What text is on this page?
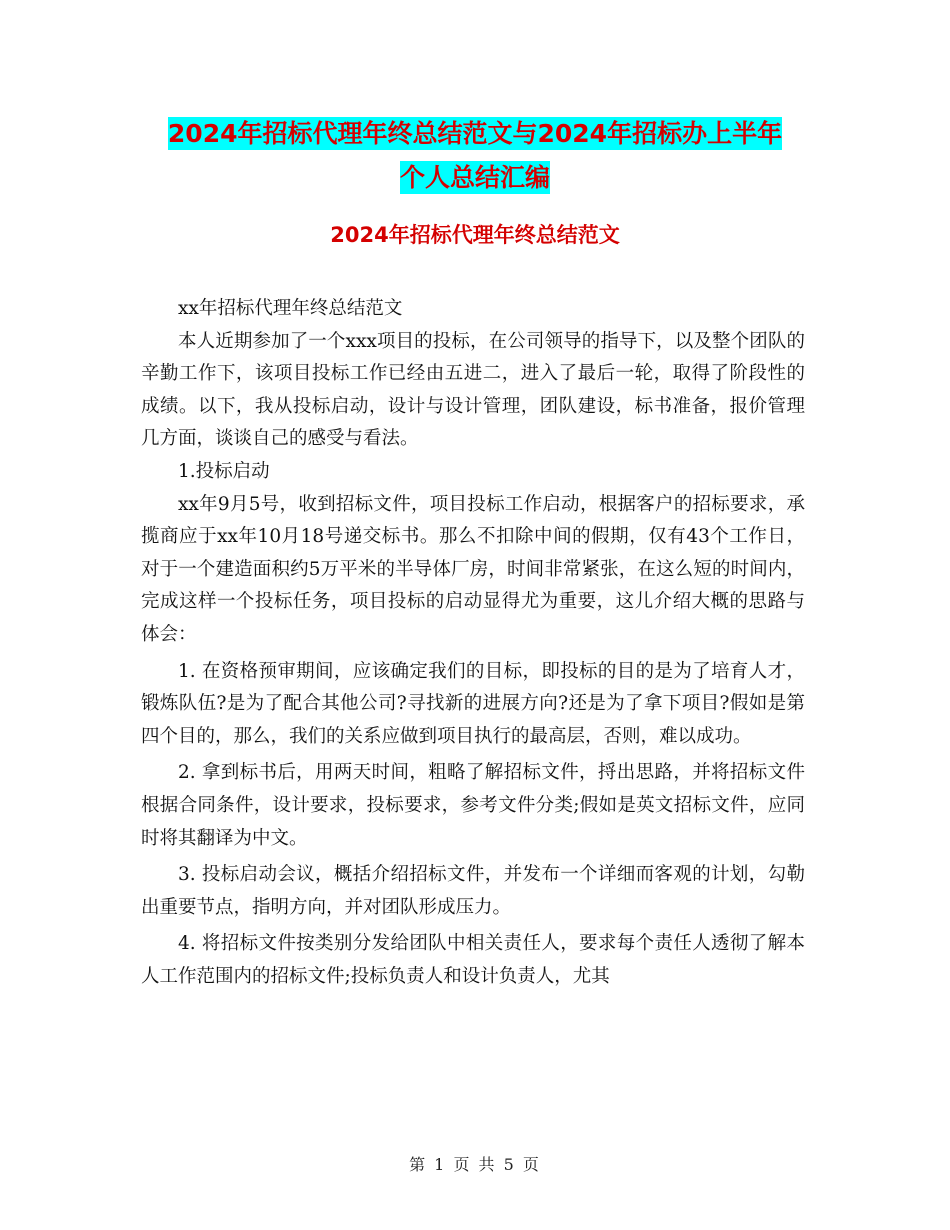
2024年招标代理年终总结范文与2024年招标办上半年
个人总结汇编
2024年招标代理年终总结范文

xx年招标代理年终总结范文

本人近期参加了一个xxx项目的投标，在公司领导的指导下，以及整个团队的辛勤工作下，该项目投标工作已经由五进二，进入了最后一轮，取得了阶段性的成绩。以下，我从投标启动，设计与设计管理，团队建设，标书准备，报价管理几方面，谈谈自己的感受与看法。

1.投标启动

xx年9月5号，收到招标文件，项目投标工作启动，根据客户的招标要求，承揽商应于xx年10月18号递交标书。那么不扣除中间的假期，仅有43个工作日，对于一个建造面积约5万平米的半导体厂房，时间非常紧张，在这么短的时间内，完成这样一个投标任务，项目投标的启动显得尤为重要，这儿介绍大概的思路与体会：

1. 在资格预审期间，应该确定我们的目标，即投标的目的是为了培育人才，锻炼队伍?是为了配合其他公司?寻找新的进展方向?还是为了拿下项目?假如是第四个目的，那么，我们的关系应做到项目执行的最高层，否则，难以成功。

2. 拿到标书后，用两天时间，粗略了解招标文件，捋出思路，并将招标文件根据合同条件，设计要求，投标要求，参考文件分类;假如是英文招标文件，应同时将其翻译为中文。

3. 投标启动会议，概括介绍招标文件，并发布一个详细而客观的计划，勾勒出重要节点，指明方向，并对团队形成压力。

4. 将招标文件按类别分发给团队中相关责任人，要求每个责任人透彻了解本人工作范围内的招标文件;投标负责人和设计负责人，尤其

第 1 页 共 5 页
